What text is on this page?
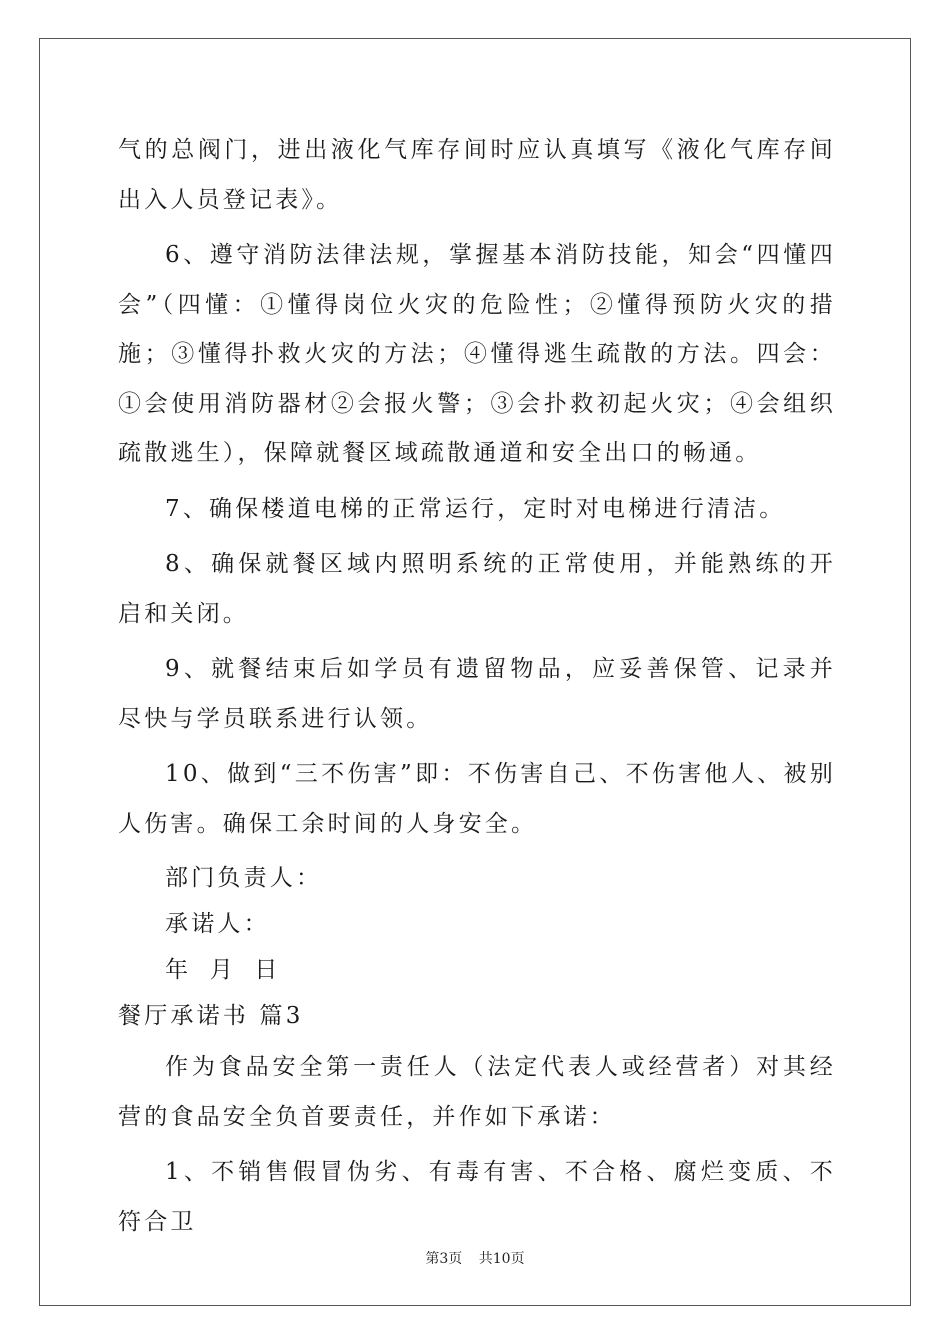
气的总阀门，进出液化气库存间时应认真填写《液化气库存间出入人员登记表》。

6、遵守消防法律法规，掌握基本消防技能，知会“四懂四会”（四懂：①懂得岗位火灾的危险性；②懂得预防火灾的措施；③懂得扑救火灾的方法；④懂得逃生疏散的方法。四会：①会使用消防器材②会报火警；③会扑救初起火灾；④会组织疏散逃生），保障就餐区域疏散通道和安全出口的畅通。

7、确保楼道电梯的正常运行，定时对电梯进行清洁。

8、确保就餐区域内照明系统的正常使用，并能熟练的开启和关闭。

9、就餐结束后如学员有遗留物品，应妥善保管、记录并尽快与学员联系进行认领。

10、做到“三不伤害”即：不伤害自己、不伤害他人、被别人伤害。确保工余时间的人身安全。

部门负责人：

承诺人：

年 月 日

餐厅承诺书 篇3

作为食品安全第一责任人（法定代表人或经营者）对其经营的食品安全负首要责任，并作如下承诺：

1、不销售假冒伪劣、有毒有害、不合格、腐烂变质、不符合卫

第3页 共10页
